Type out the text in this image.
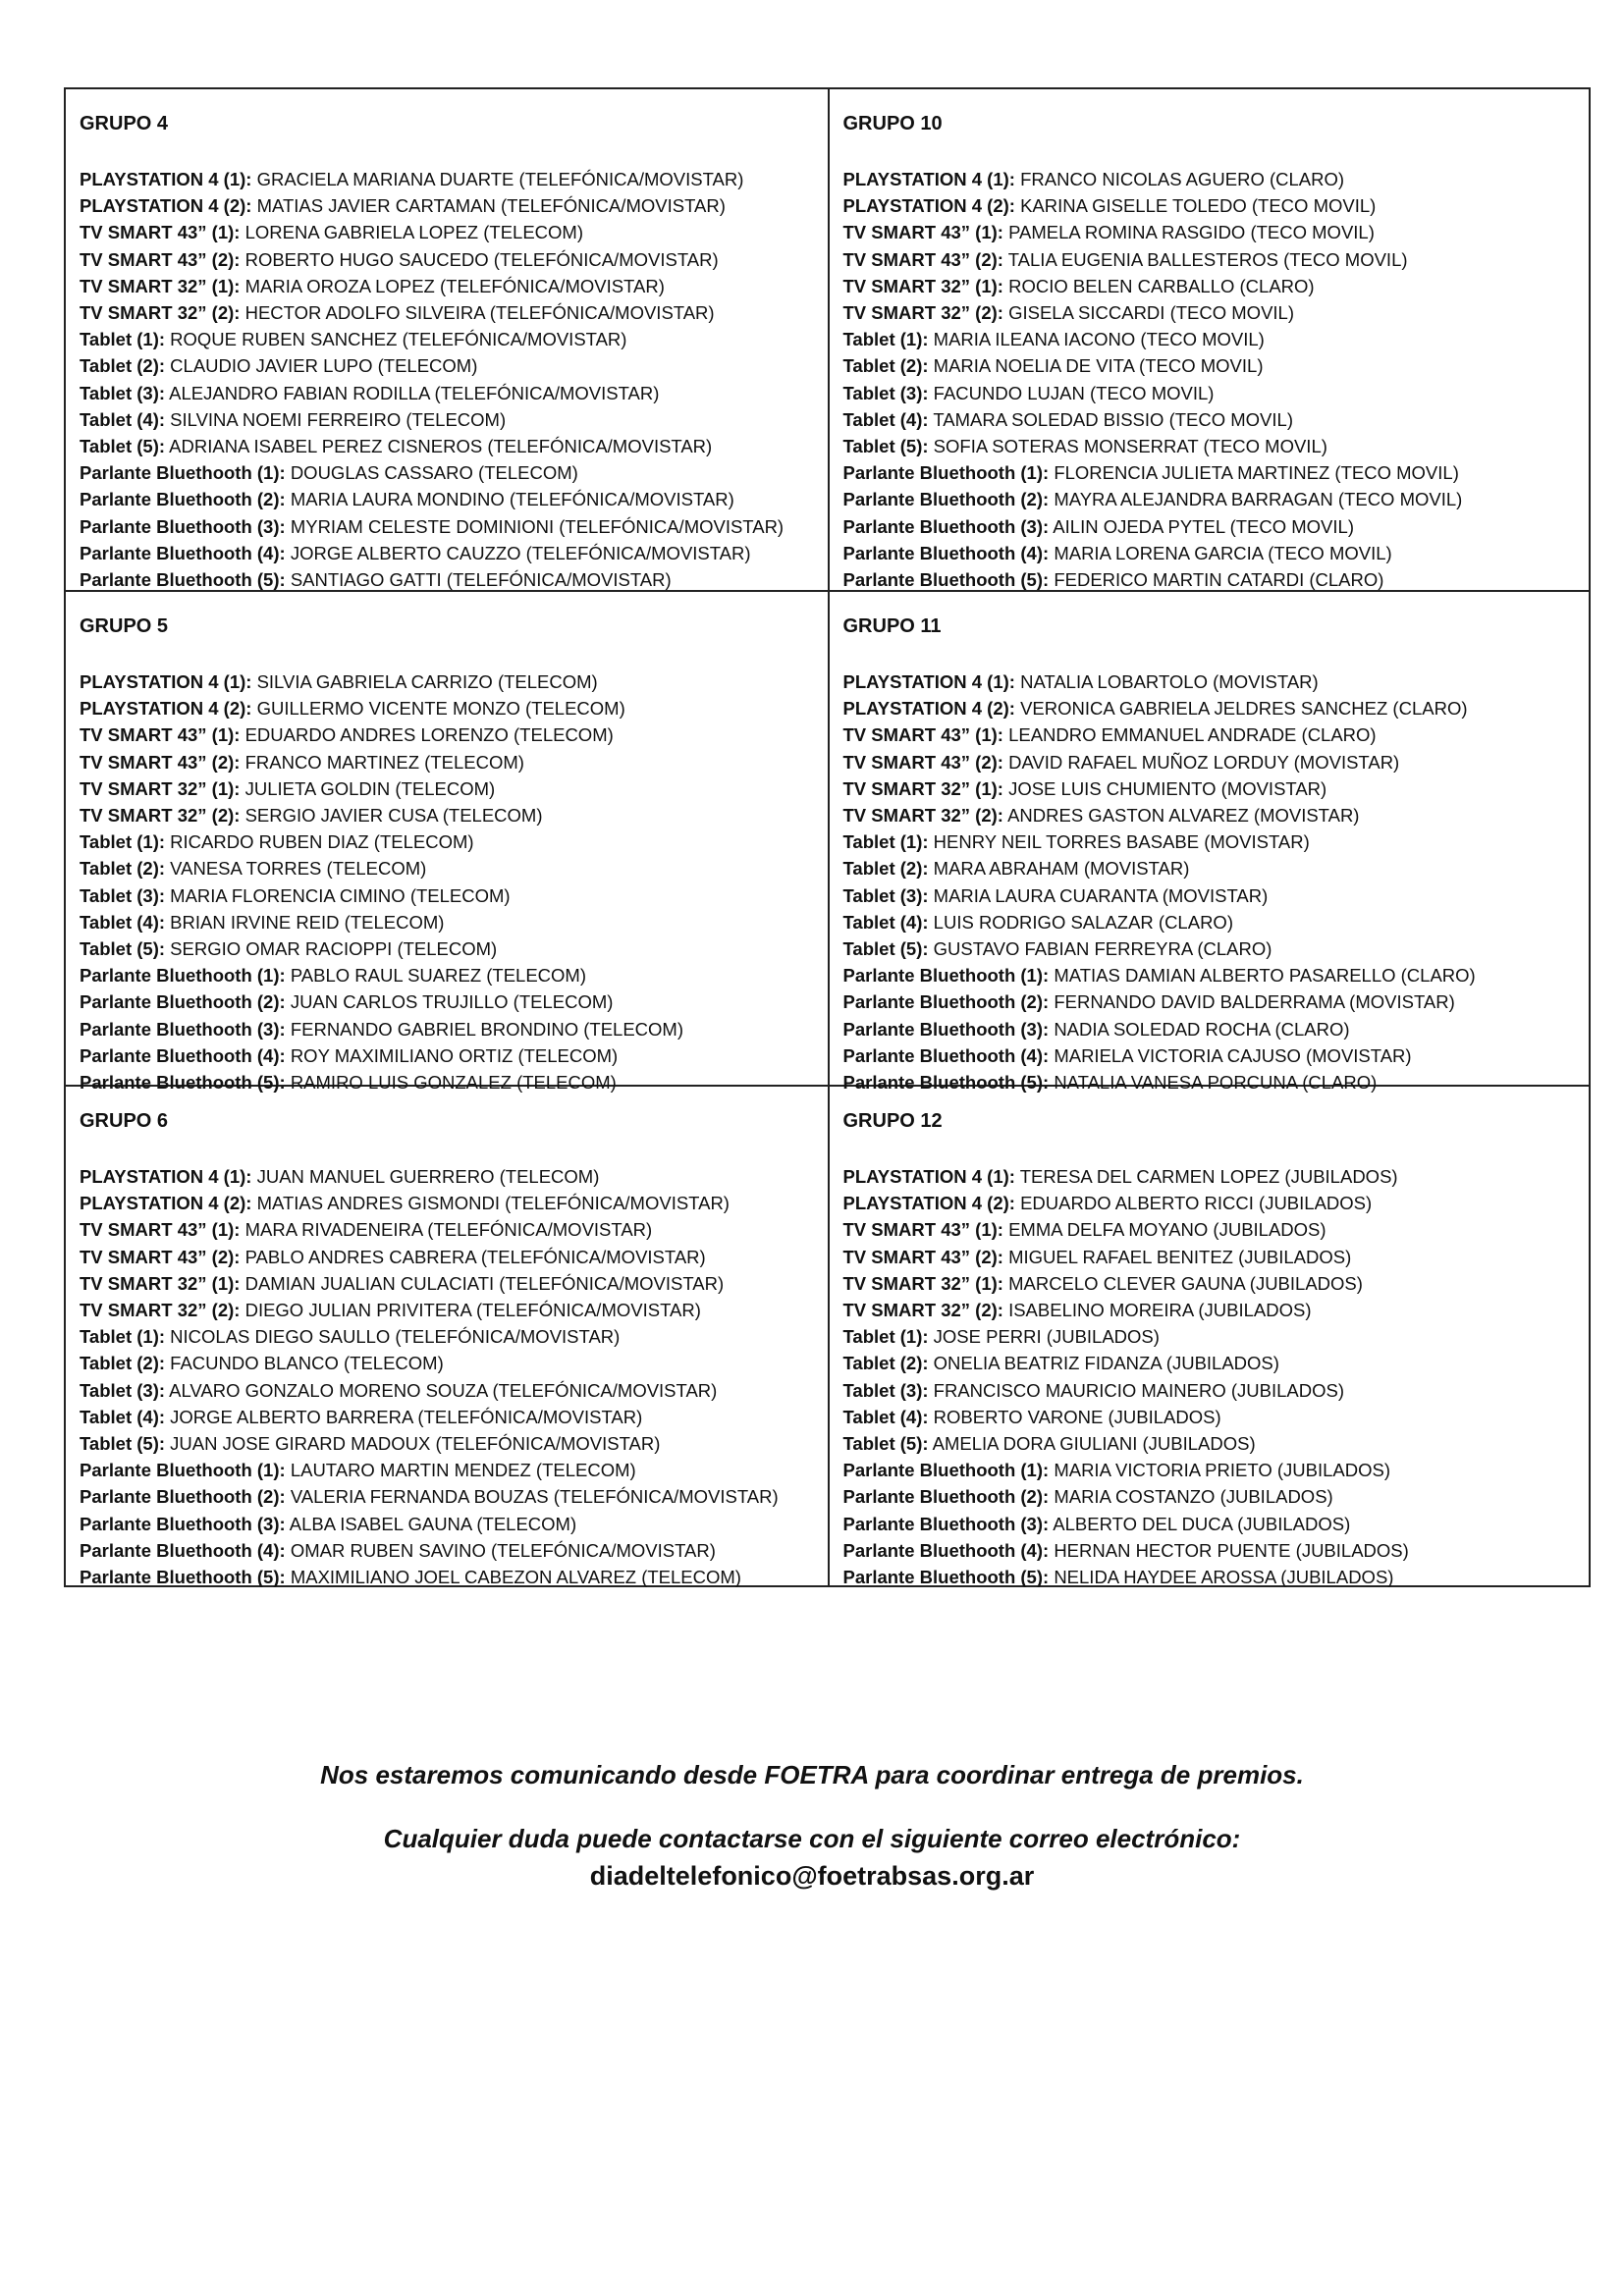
GRUPO 4
PLAYSTATION 4 (1): GRACIELA MARIANA DUARTE (TELEFÓNICA/MOVISTAR)
PLAYSTATION 4 (2): MATIAS JAVIER CARTAMAN (TELEFÓNICA/MOVISTAR)
TV SMART 43” (1): LORENA GABRIELA LOPEZ (TELECOM)
TV SMART 43” (2): ROBERTO HUGO SAUCEDO (TELEFÓNICA/MOVISTAR)
TV SMART 32” (1): MARIA OROZA LOPEZ (TELEFÓNICA/MOVISTAR)
TV SMART 32” (2): HECTOR ADOLFO SILVEIRA (TELEFÓNICA/MOVISTAR)
Tablet (1): ROQUE RUBEN SANCHEZ (TELEFÓNICA/MOVISTAR)
Tablet (2): CLAUDIO JAVIER LUPO (TELECOM)
Tablet (3): ALEJANDRO FABIAN RODILLA (TELEFÓNICA/MOVISTAR)
Tablet (4): SILVINA NOEMI FERREIRO (TELECOM)
Tablet (5): ADRIANA ISABEL PEREZ CISNEROS (TELEFÓNICA/MOVISTAR)
Parlante Bluethooth (1): DOUGLAS CASSARO (TELECOM)
Parlante Bluethooth (2): MARIA LAURA MONDINO (TELEFÓNICA/MOVISTAR)
Parlante Bluethooth (3): MYRIAM CELESTE DOMINIONI (TELEFÓNICA/MOVISTAR)
Parlante Bluethooth (4): JORGE ALBERTO CAUZZO (TELEFÓNICA/MOVISTAR)
Parlante Bluethooth (5): SANTIAGO GATTI (TELEFÓNICA/MOVISTAR)
GRUPO 10
PLAYSTATION 4 (1): FRANCO NICOLAS AGUERO (CLARO)
PLAYSTATION 4 (2): KARINA GISELLE TOLEDO (TECO MOVIL)
TV SMART 43” (1): PAMELA ROMINA RASGIDO (TECO MOVIL)
TV SMART 43” (2): TALIA EUGENIA BALLESTEROS (TECO MOVIL)
TV SMART 32” (1): ROCIO BELEN CARBALLO (CLARO)
TV SMART 32” (2): GISELA SICCARDI (TECO MOVIL)
Tablet (1): MARIA ILEANA IACONO (TECO MOVIL)
Tablet (2): MARIA NOELIA DE VITA (TECO MOVIL)
Tablet (3): FACUNDO LUJAN (TECO MOVIL)
Tablet (4): TAMARA SOLEDAD BISSIO (TECO MOVIL)
Tablet (5): SOFIA SOTERAS MONSERRAT (TECO MOVIL)
Parlante Bluethooth (1): FLORENCIA JULIETA MARTINEZ (TECO MOVIL)
Parlante Bluethooth (2): MAYRA ALEJANDRA BARRAGAN (TECO MOVIL)
Parlante Bluethooth (3): AILIN OJEDA PYTEL (TECO MOVIL)
Parlante Bluethooth (4): MARIA LORENA GARCIA (TECO MOVIL)
Parlante Bluethooth (5): FEDERICO MARTIN CATARDI (CLARO)
GRUPO 5
PLAYSTATION 4 (1): SILVIA GABRIELA CARRIZO (TELECOM)
PLAYSTATION 4 (2): GUILLERMO VICENTE MONZO (TELECOM)
TV SMART 43” (1): EDUARDO ANDRES LORENZO (TELECOM)
TV SMART 43” (2): FRANCO MARTINEZ (TELECOM)
TV SMART 32” (1): JULIETA GOLDIN (TELECOM)
TV SMART 32” (2): SERGIO JAVIER CUSA (TELECOM)
Tablet (1): RICARDO RUBEN DIAZ (TELECOM)
Tablet (2): VANESA TORRES (TELECOM)
Tablet (3): MARIA FLORENCIA CIMINO (TELECOM)
Tablet (4): BRIAN IRVINE REID (TELECOM)
Tablet (5): SERGIO OMAR RACIOPPI (TELECOM)
Parlante Bluethooth (1): PABLO RAUL SUAREZ (TELECOM)
Parlante Bluethooth (2): JUAN CARLOS TRUJILLO (TELECOM)
Parlante Bluethooth (3): FERNANDO GABRIEL BRONDINO (TELECOM)
Parlante Bluethooth (4): ROY MAXIMILIANO ORTIZ (TELECOM)
Parlante Bluethooth (5): RAMIRO LUIS GONZALEZ (TELECOM)
GRUPO 11
PLAYSTATION 4 (1): NATALIA LOBARTOLO (MOVISTAR)
PLAYSTATION 4 (2): VERONICA GABRIELA JELDRES SANCHEZ (CLARO)
TV SMART 43” (1): LEANDRO EMMANUEL ANDRADE (CLARO)
TV SMART 43” (2): DAVID RAFAEL MUÑOZ LORDUY (MOVISTAR)
TV SMART 32” (1): JOSE LUIS CHUMIENTO (MOVISTAR)
TV SMART 32” (2): ANDRES GASTON ALVAREZ (MOVISTAR)
Tablet (1): HENRY NEIL TORRES BASABE (MOVISTAR)
Tablet (2): MARA ABRAHAM (MOVISTAR)
Tablet (3): MARIA LAURA CUARANTA (MOVISTAR)
Tablet (4): LUIS RODRIGO SALAZAR (CLARO)
Tablet (5): GUSTAVO FABIAN FERREYRA (CLARO)
Parlante Bluethooth (1): MATIAS DAMIAN ALBERTO PASARELLO (CLARO)
Parlante Bluethooth (2): FERNANDO DAVID BALDERRAMA (MOVISTAR)
Parlante Bluethooth (3): NADIA SOLEDAD ROCHA (CLARO)
Parlante Bluethooth (4): MARIELA VICTORIA CAJUSO (MOVISTAR)
Parlante Bluethooth (5): NATALIA VANESA PORCUNA (CLARO)
GRUPO 6
PLAYSTATION 4 (1): JUAN MANUEL GUERRERO (TELECOM)
PLAYSTATION 4 (2): MATIAS ANDRES GISMONDI (TELEFÓNICA/MOVISTAR)
TV SMART 43” (1): MARA RIVADENEIRA (TELEFÓNICA/MOVISTAR)
TV SMART 43” (2): PABLO ANDRES CABRERA (TELEFÓNICA/MOVISTAR)
TV SMART 32” (1): DAMIAN JUALIAN CULACIATI (TELEFÓNICA/MOVISTAR)
TV SMART 32” (2): DIEGO JULIAN PRIVITERA (TELEFÓNICA/MOVISTAR)
Tablet (1): NICOLAS DIEGO SAULLO (TELEFÓNICA/MOVISTAR)
Tablet (2): FACUNDO BLANCO (TELECOM)
Tablet (3): ALVARO GONZALO MORENO SOUZA (TELEFÓNICA/MOVISTAR)
Tablet (4): JORGE ALBERTO BARRERA (TELEFÓNICA/MOVISTAR)
Tablet (5): JUAN JOSE GIRARD MADOUX (TELEFÓNICA/MOVISTAR)
Parlante Bluethooth (1): LAUTARO MARTIN MENDEZ (TELECOM)
Parlante Bluethooth (2): VALERIA FERNANDA BOUZAS (TELEFÓNICA/MOVISTAR)
Parlante Bluethooth (3): ALBA ISABEL GAUNA (TELECOM)
Parlante Bluethooth (4): OMAR RUBEN SAVINO (TELEFÓNICA/MOVISTAR)
Parlante Bluethooth (5): MAXIMILIANO JOEL CABEZON ALVAREZ (TELECOM)
GRUPO 12
PLAYSTATION 4 (1): TERESA DEL CARMEN LOPEZ (JUBILADOS)
PLAYSTATION 4 (2): EDUARDO ALBERTO RICCI (JUBILADOS)
TV SMART 43” (1): EMMA DELFA MOYANO (JUBILADOS)
TV SMART 43” (2): MIGUEL RAFAEL BENITEZ (JUBILADOS)
TV SMART 32” (1): MARCELO CLEVER GAUNA (JUBILADOS)
TV SMART 32” (2): ISABELINO MOREIRA (JUBILADOS)
Tablet (1): JOSE PERRI (JUBILADOS)
Tablet (2): ONELIA BEATRIZ FIDANZA (JUBILADOS)
Tablet (3): FRANCISCO MAURICIO MAINERO (JUBILADOS)
Tablet (4): ROBERTO VARONE (JUBILADOS)
Tablet (5): AMELIA DORA GIULIANI (JUBILADOS)
Parlante Bluethooth (1): MARIA VICTORIA PRIETO (JUBILADOS)
Parlante Bluethooth (2): MARIA COSTANZO (JUBILADOS)
Parlante Bluethooth (3): ALBERTO DEL DUCA (JUBILADOS)
Parlante Bluethooth (4): HERNAN HECTOR PUENTE (JUBILADOS)
Parlante Bluethooth (5): NELIDA HAYDEE AROSSA (JUBILADOS)
Nos estaremos comunicando desde FOETRA para coordinar entrega de premios.
Cualquier duda puede contactarse con el siguiente correo electrónico:
diadeltelefonico@foetrabsas.org.ar
